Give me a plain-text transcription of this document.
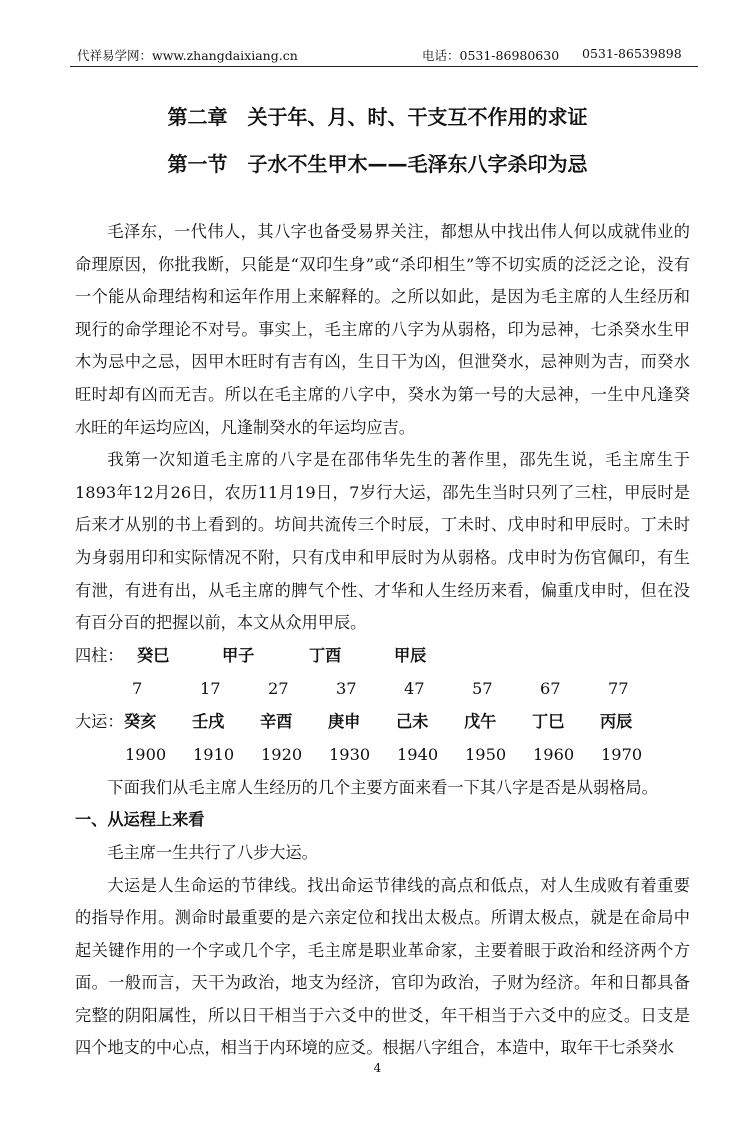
代祥易学网：www.zhangdaixiang.cn	电话：0531-86980630 0531-86539898
第二章　关于年、月、时、干支互不作用的求证
第一节　子水不生甲木——毛泽东八字杀印为忌

毛泽东，一代伟人，其八字也备受易界关注，都想从中找出伟人何以成就伟业的命理原因，你批我断，只能是“双印生身”或“杀印相生”等不切实质的泛泛之论，没有一个能从命理结构和运年作用上来解释的。之所以如此，是因为毛主席的人生经历和现行的命学理论不对号。事实上，毛主席的八字为从弱格，印为忌神，七杀癸水生甲木为忌中之忌，因甲木旺时有吉有凶，生日干为凶，但泄癸水，忌神则为吉，而癸水旺时却有凶而无吉。所以在毛主席的八字中，癸水为第一号的大忌神，一生中凡逢癸水旺的年运均应凶，凡逢制癸水的年运均应吉。

我第一次知道毛主席的八字是在邵伟华先生的著作里，邵先生说，毛主席生于1893年12月26日，农历11月19日，7岁行大运，邵先生当时只列了三柱，甲辰时是后来才从别的书上看到的。坊间共流传三个时辰，丁未时、戊申时和甲辰时。丁未时为身弱用印和实际情况不附，只有戊申和甲辰时为从弱格。戊申时为伤官佩印，有生有泄，有进有出，从毛主席的脾气个性、才华和人生经历来看，偏重戊申时，但在没有百分百的把握以前，本文从众用甲辰。

四柱： 癸巳	甲子	丁酉	甲辰
7	17	27	37	47	57	67	77
大运： 癸亥	壬戌	辛酉	庚申	己未	戊午	丁巳	丙辰
1900	1910	1920	1930	1940	1950	1960	1970

下面我们从毛主席人生经历的几个主要方面来看一下其八字是否是从弱格局。

一、从运程上来看

毛主席一生共行了八步大运。

大运是人生命运的节律线。找出命运节律线的高点和低点，对人生成败有着重要的指导作用。测命时最重要的是六亲定位和找出太极点。所谓太极点，就是在命局中起关键作用的一个字或几个字，毛主席是职业革命家，主要着眼于政治和经济两个方面。一般而言，天干为政治，地支为经济，官印为政治，子财为经济。年和日都具备完整的阴阳属性，所以日干相当于六爻中的世爻，年干相当于六爻中的应爻。日支是四个地支的中心点，相当于内环境的应爻。根据八字组合，本造中，取年干七杀癸水

4
